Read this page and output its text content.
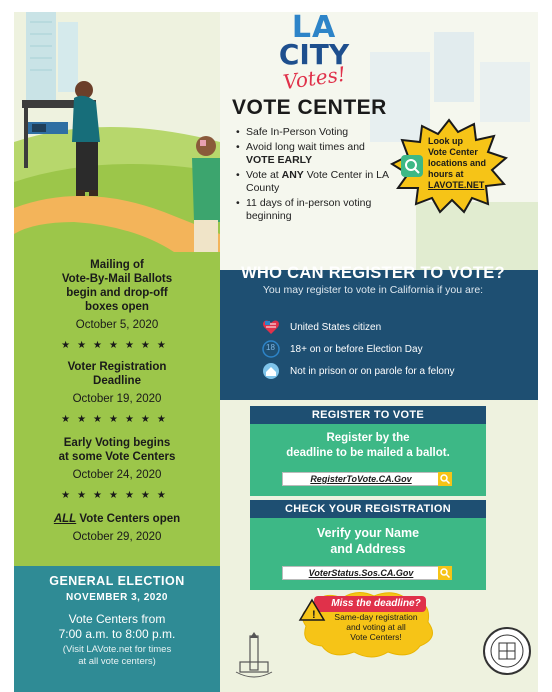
LA
CITY
Votes!
VOTE CENTER
• Safe In-Person Voting
• Avoid long wait times and VOTE EARLY
• Vote at ANY Vote Center in LA County
• 11 days of in-person voting beginning
Look up
Vote Center
locations and
hours at
LAVOTE.NET
WHO CAN REGISTER TO VOTE?
You may register to vote in California if you are:
United States citizen
18 18+ on or before Election Day
Not in prison or on parole for a felony
REGISTER TO VOTE
Register by the
deadline to be mailed a ballot.
RegisterToVote.CA.Gov
CHECK YOUR REGISTRATION
Verify your Name
and Address
VoterStatus.Sos.CA.Gov
!
Miss the deadline?
Same-day registration
and voting at all
Vote Centers!
Mailing of
Vote-By-Mail Ballots
begin and drop-off
boxes open
October 5, 2020
★★★★★★★
Voter Registration
Deadline
October 19, 2020
★★★★★★★
Early Voting begins
at some Vote Centers
October 24, 2020
★★★★★★★
ALL Vote Centers open
October 29, 2020
GENERAL ELECTION
NOVEMBER 3, 2020
Vote Centers from
7:00 a.m. to 8:00 p.m.
(Visit LAVote.net for times
at all vote centers)
